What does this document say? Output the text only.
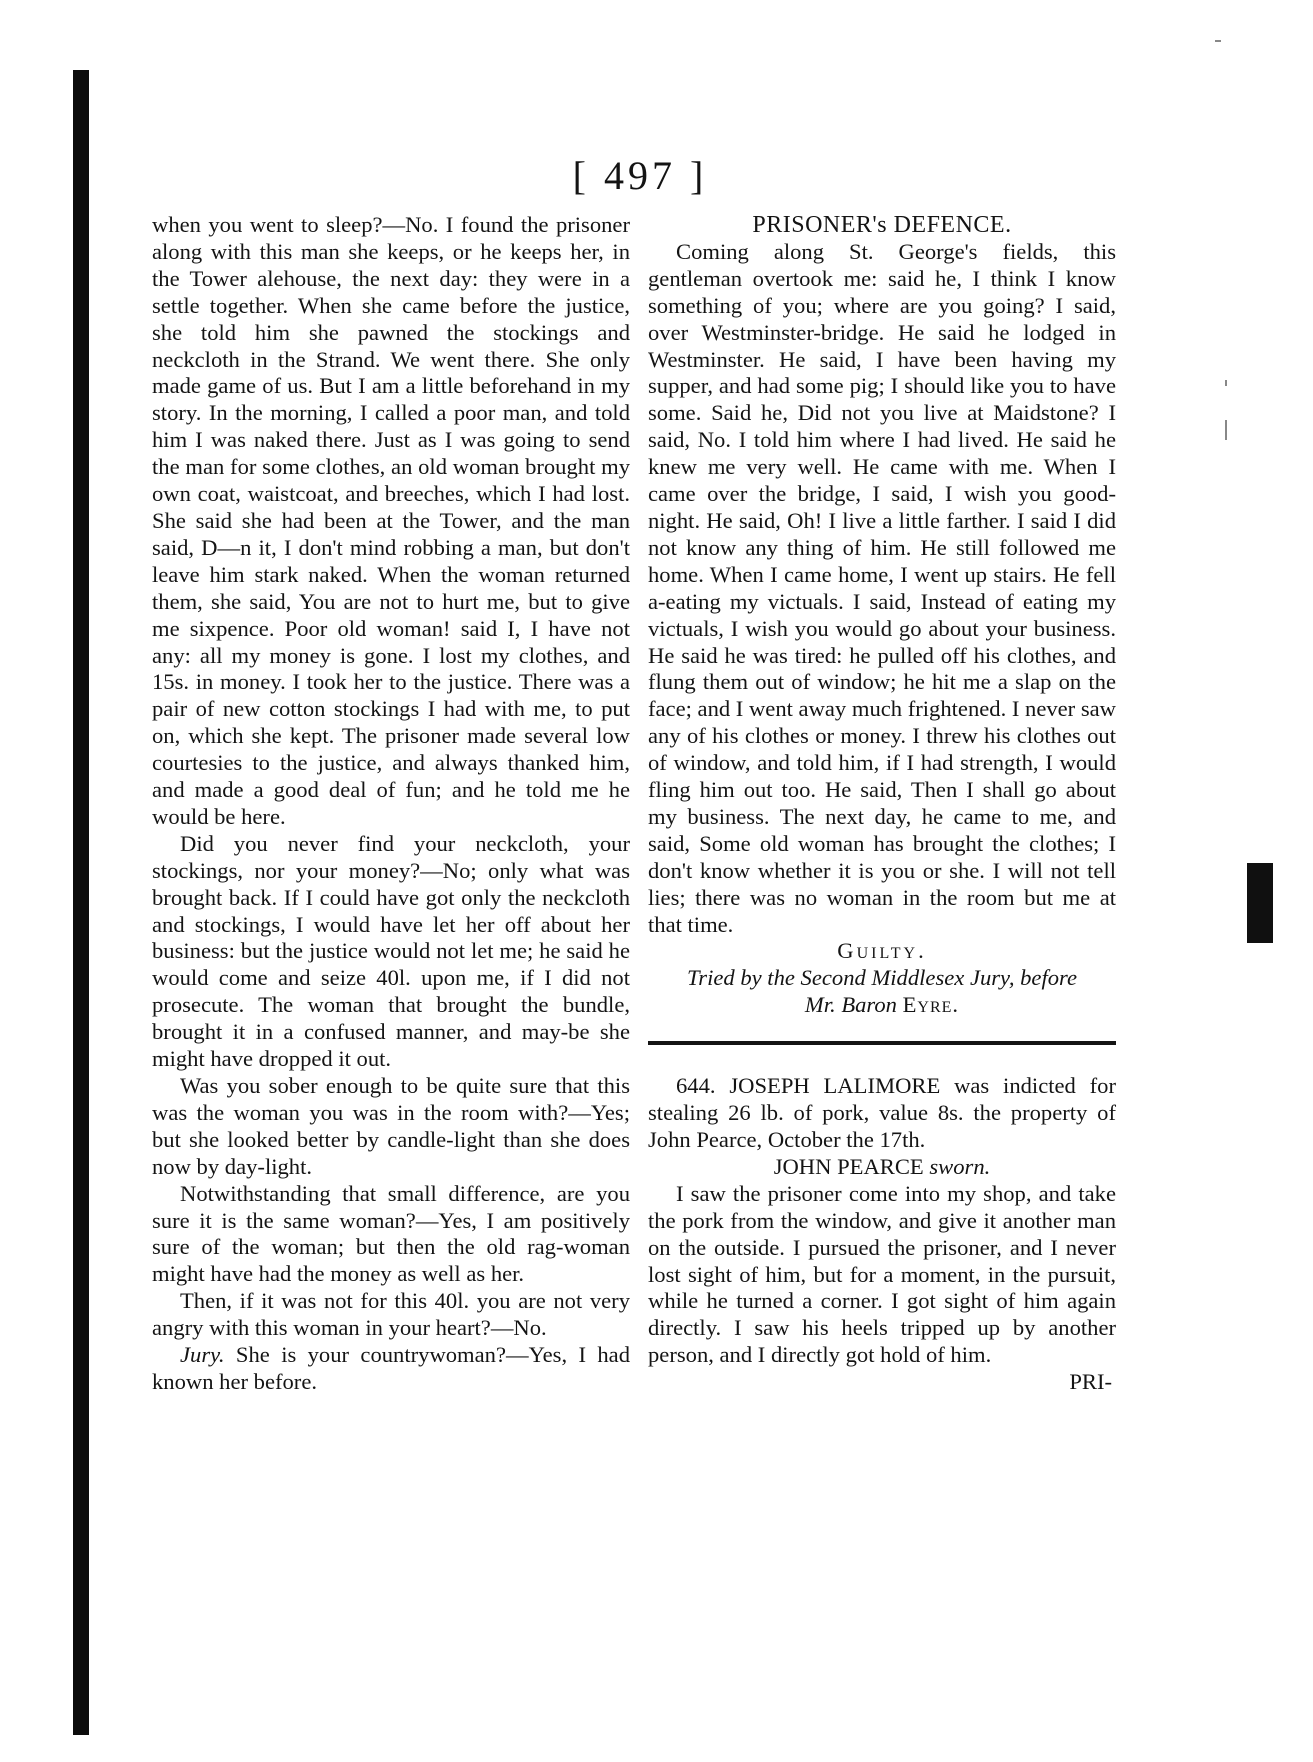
[ 497 ]

when you went to sleep?—No. I found the prisoner along with this man she keeps, or he keeps her, in the Tower alehouse, the next day: they were in a settle together. When she came before the justice, she told him she pawned the stockings and neckcloth in the Strand. We went there. She only made game of us. But I am a little beforehand in my story. In the morning, I called a poor man, and told him I was naked there. Just as I was going to send the man for some clothes, an old woman brought my own coat, waistcoat, and breeches, which I had lost. She said she had been at the Tower, and the man said, D—n it, I don't mind robbing a man, but don't leave him stark naked. When the woman returned them, she said, You are not to hurt me, but to give me sixpence. Poor old woman! said I, I have not any: all my money is gone. I lost my clothes, and 15s. in money. I took her to the justice. There was a pair of new cotton stockings I had with me, to put on, which she kept. The prisoner made several low courtesies to the justice, and always thanked him, and made a good deal of fun; and he told me he would be here.

Did you never find your neckcloth, your stockings, nor your money?—No; only what was brought back. If I could have got only the neckcloth and stockings, I would have let her off about her business: but the justice would not let me; he said he would come and seize 40l. upon me, if I did not prosecute. The woman that brought the bundle, brought it in a confused manner, and may-be she might have dropped it out.

Was you sober enough to be quite sure that this was the woman you was in the room with?—Yes; but she looked better by candle-light than she does now by day-light.

Notwithstanding that small difference, are you sure it is the same woman?—Yes, I am positively sure of the woman; but then the old rag-woman might have had the money as well as her.

Then, if it was not for this 40l. you are not very angry with this woman in your heart?—No.

Jury. She is your countrywoman?—Yes, I had known her before.

PRISONER's DEFENCE.

Coming along St. George's fields, this gentleman overtook me: said he, I think I know something of you; where are you going? I said, over Westminster-bridge. He said he lodged in Westminster. He said, I have been having my supper, and had some pig; I should like you to have some. Said he, Did not you live at Maidstone? I said, No. I told him where I had lived. He said he knew me very well. He came with me. When I came over the bridge, I said, I wish you good-night. He said, Oh! I live a little farther. I said I did not know any thing of him. He still followed me home. When I came home, I went up stairs. He fell a-eating my victuals. I said, Instead of eating my victuals, I wish you would go about your business. He said he was tired: he pulled off his clothes, and flung them out of window; he hit me a slap on the face; and I went away much frightened. I never saw any of his clothes or money. I threw his clothes out of window, and told him, if I had strength, I would fling him out too. He said, Then I shall go about my business. The next day, he came to me, and said, Some old woman has brought the clothes; I don't know whether it is you or she. I will not tell lies; there was no woman in the room but me at that time.

Guilty.

Tried by the Second Middlesex Jury, before

Mr. Baron Eyre.

644. JOSEPH LALIMORE was indicted for stealing 26 lb. of pork, value 8s. the property of John Pearce, October the 17th.

JOHN PEARCE sworn.

I saw the prisoner come into my shop, and take the pork from the window, and give it another man on the outside. I pursued the prisoner, and I never lost sight of him, but for a moment, in the pursuit, while he turned a corner. I got sight of him again directly. I saw his heels tripped up by another person, and I directly got hold of him.

PRI-
